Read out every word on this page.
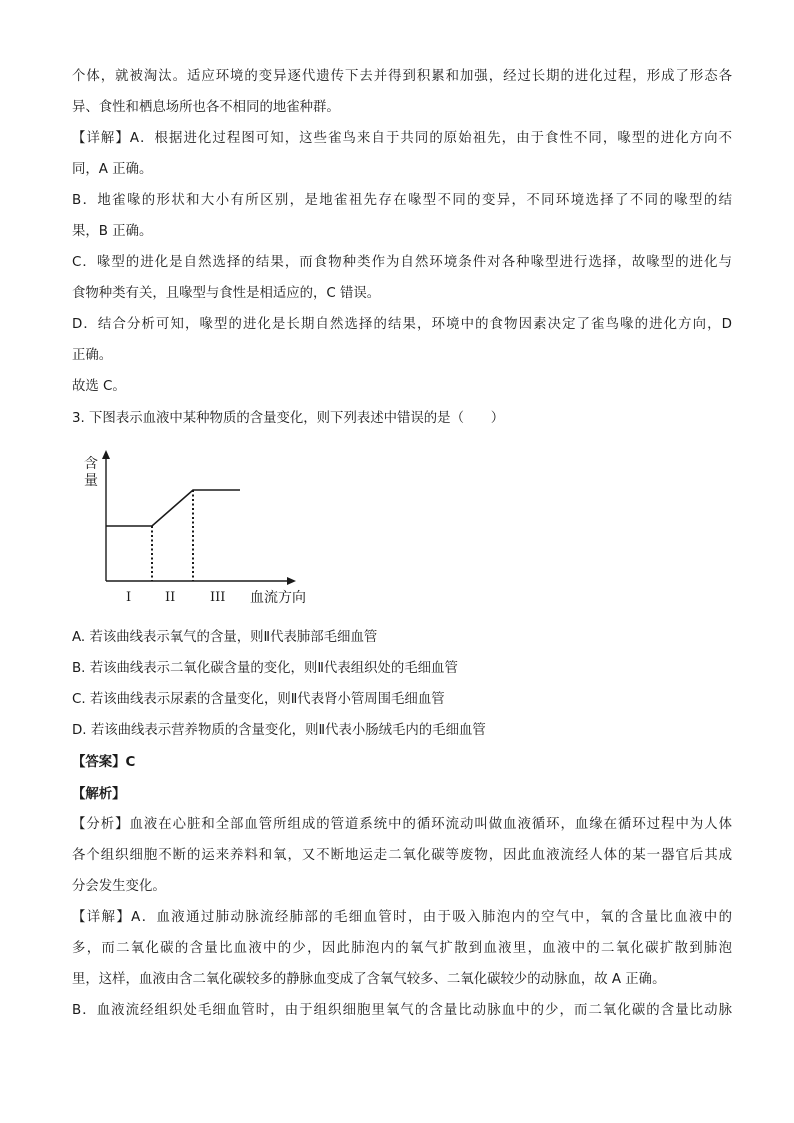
个体，就被淘汰。适应环境的变异逐代遗传下去并得到积累和加强，经过长期的进化过程，形成了形态各
异、食性和栖息场所也各不相同的地雀种群。
【详解】A．根据进化过程图可知，这些雀鸟来自于共同的原始祖先，由于食性不同，喙型的进化方向不
同，A 正确。
B．地雀喙的形状和大小有所区别，是地雀祖先存在喙型不同的变异，不同环境选择了不同的喙型的结
果，B 正确。
C．喙型的进化是自然选择的结果，而食物种类作为自然环境条件对各种喙型进行选择，故喙型的进化与
食物种类有关，且喙型与食性是相适应的，C 错误。
D．结合分析可知，喙型的进化是长期自然选择的结果，环境中的食物因素决定了雀鸟喙的进化方向，D
正确。
故选 C。
3. 下图表示血液中某种物质的含量变化，则下列表述中错误的是（　　）
含
量
I	II	III 血流方向
A. 若该曲线表示氧气的含量，则Ⅱ代表肺部毛细血管
B. 若该曲线表示二氧化碳含量的变化，则Ⅱ代表组织处的毛细血管
C. 若该曲线表示尿素的含量变化，则Ⅱ代表肾小管周围毛细血管
D. 若该曲线表示营养物质的含量变化，则Ⅱ代表小肠绒毛内的毛细血管
【答案】C
【解析】
【分析】血液在心脏和全部血管所组成的管道系统中的循环流动叫做血液循环，血缘在循环过程中为人体
各个组织细胞不断的运来养料和氧，又不断地运走二氧化碳等废物，因此血液流经人体的某一器官后其成
分会发生变化。
【详解】A．血液通过肺动脉流经肺部的毛细血管时，由于吸入肺泡内的空气中，氧的含量比血液中的
多，而二氧化碳的含量比血液中的少，因此肺泡内的氧气扩散到血液里，血液中的二氧化碳扩散到肺泡
里，这样，血液由含二氧化碳较多的静脉血变成了含氧气较多、二氧化碳较少的动脉血，故 A 正确。
B．血液流经组织处毛细血管时，由于组织细胞里氧气的含量比动脉血中的少，而二氧化碳的含量比动脉
